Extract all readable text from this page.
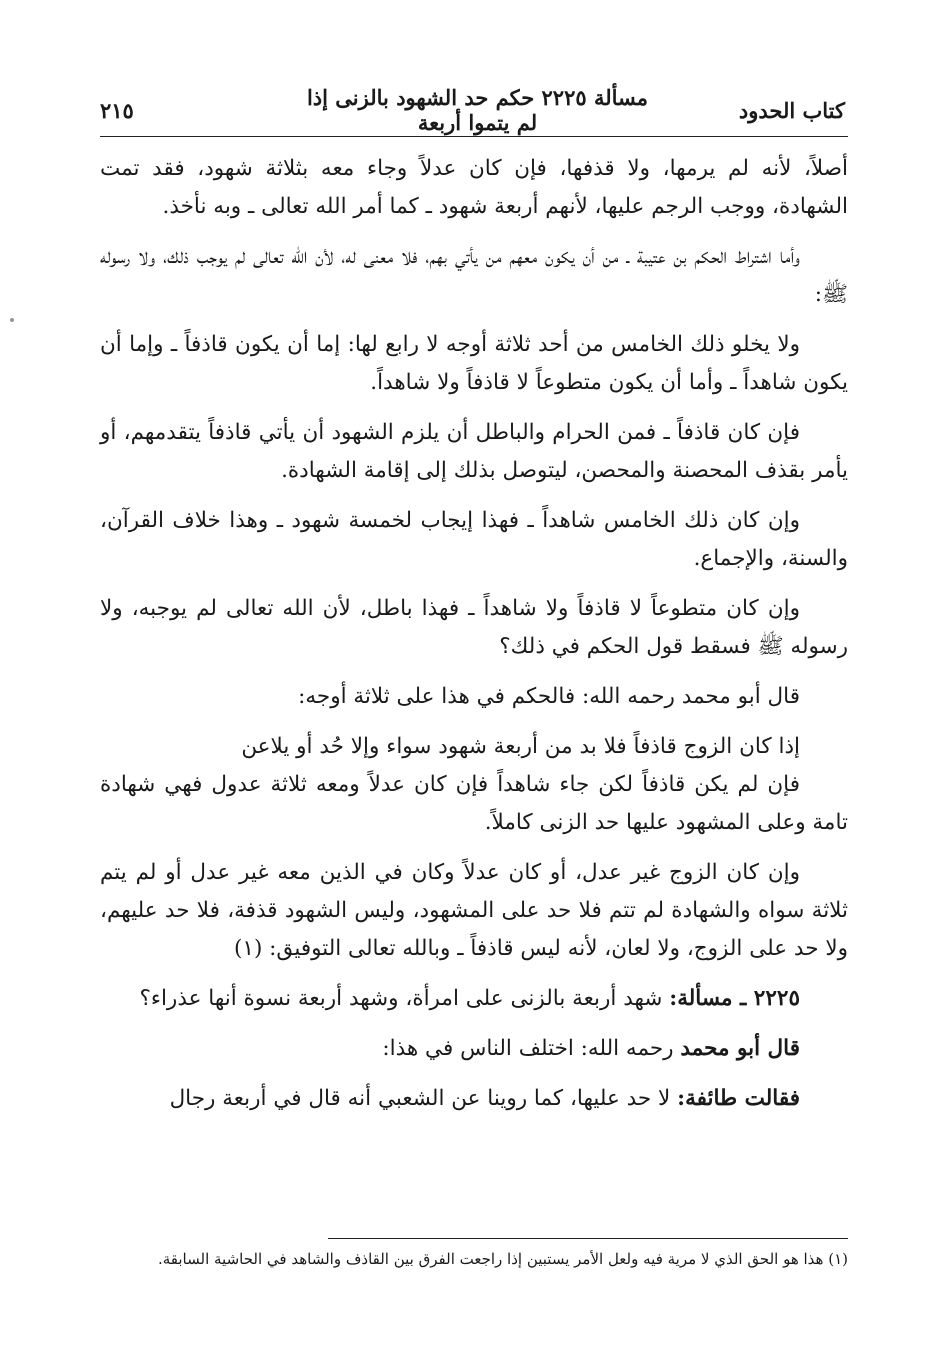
كتاب الحدود
مسألة ٢٢٢٥ حكم حد الشهود بالزنى إذا لم يتموا أربعة
٢١٥

أصلاً، لأنه لم يرمها، ولا قذفها، فإن كان عدلاً وجاء معه بثلاثة شهود، فقد تمت الشهادة، ووجب الرجم عليها، لأنهم أربعة شهود ـ كما أمر الله تعالى ـ وبه نأخذ.

وأما اشتراط الحكم بن عتيبة ـ من أن يكون معهم من يأتي بهم، فلا معنى له، لأن الله تعالى لم يوجب ذلك، ولا رسوله ﷺ:

ولا يخلو ذلك الخامس من أحد ثلاثة أوجه لا رابع لها: إما أن يكون قاذفاً ـ وإما أن يكون شاهداً ـ وأما أن يكون متطوعاً لا قاذفاً ولا شاهداً.

فإن كان قاذفاً ـ فمن الحرام والباطل أن يلزم الشهود أن يأتي قاذفاً يتقدمهم، أو يأمر بقذف المحصنة والمحصن، ليتوصل بذلك إلى إقامة الشهادة.

وإن كان ذلك الخامس شاهداً ـ فهذا إيجاب لخمسة شهود ـ وهذا خلاف القرآن، والسنة، والإجماع.

وإن كان متطوعاً لا قاذفاً ولا شاهداً ـ فهذا باطل، لأن الله تعالى لم يوجبه، ولا رسوله ﷺ فسقط قول الحكم في ذلك؟

قال أبو محمد رحمه الله: فالحكم في هذا على ثلاثة أوجه:

إذا كان الزوج قاذفاً فلا بد من أربعة شهود سواء وإلا حُد أو يلاعن

فإن لم يكن قاذفاً لكن جاء شاهداً فإن كان عدلاً ومعه ثلاثة عدول فهي شهادة تامة وعلى المشهود عليها حد الزنى كاملاً.

وإن كان الزوج غير عدل، أو كان عدلاً وكان في الذين معه غير عدل أو لم يتم ثلاثة سواه والشهادة لم تتم فلا حد على المشهود، وليس الشهود قذفة، فلا حد عليهم، ولا حد على الزوج، ولا لعان، لأنه ليس قاذفاً ـ وبالله تعالى التوفيق: (١)

٢٢٢٥ ـ مسألة: شهد أربعة بالزنى على امرأة، وشهد أربعة نسوة أنها عذراء؟

قال أبو محمد رحمه الله: اختلف الناس في هذا:

فقالت طائفة: لا حد عليها، كما روينا عن الشعبي أنه قال في أربعة رجال

(١) هذا هو الحق الذي لا مرية فيه ولعل الأمر يستبين إذا راجعت الفرق بين القاذف والشاهد في الحاشية السابقة.
